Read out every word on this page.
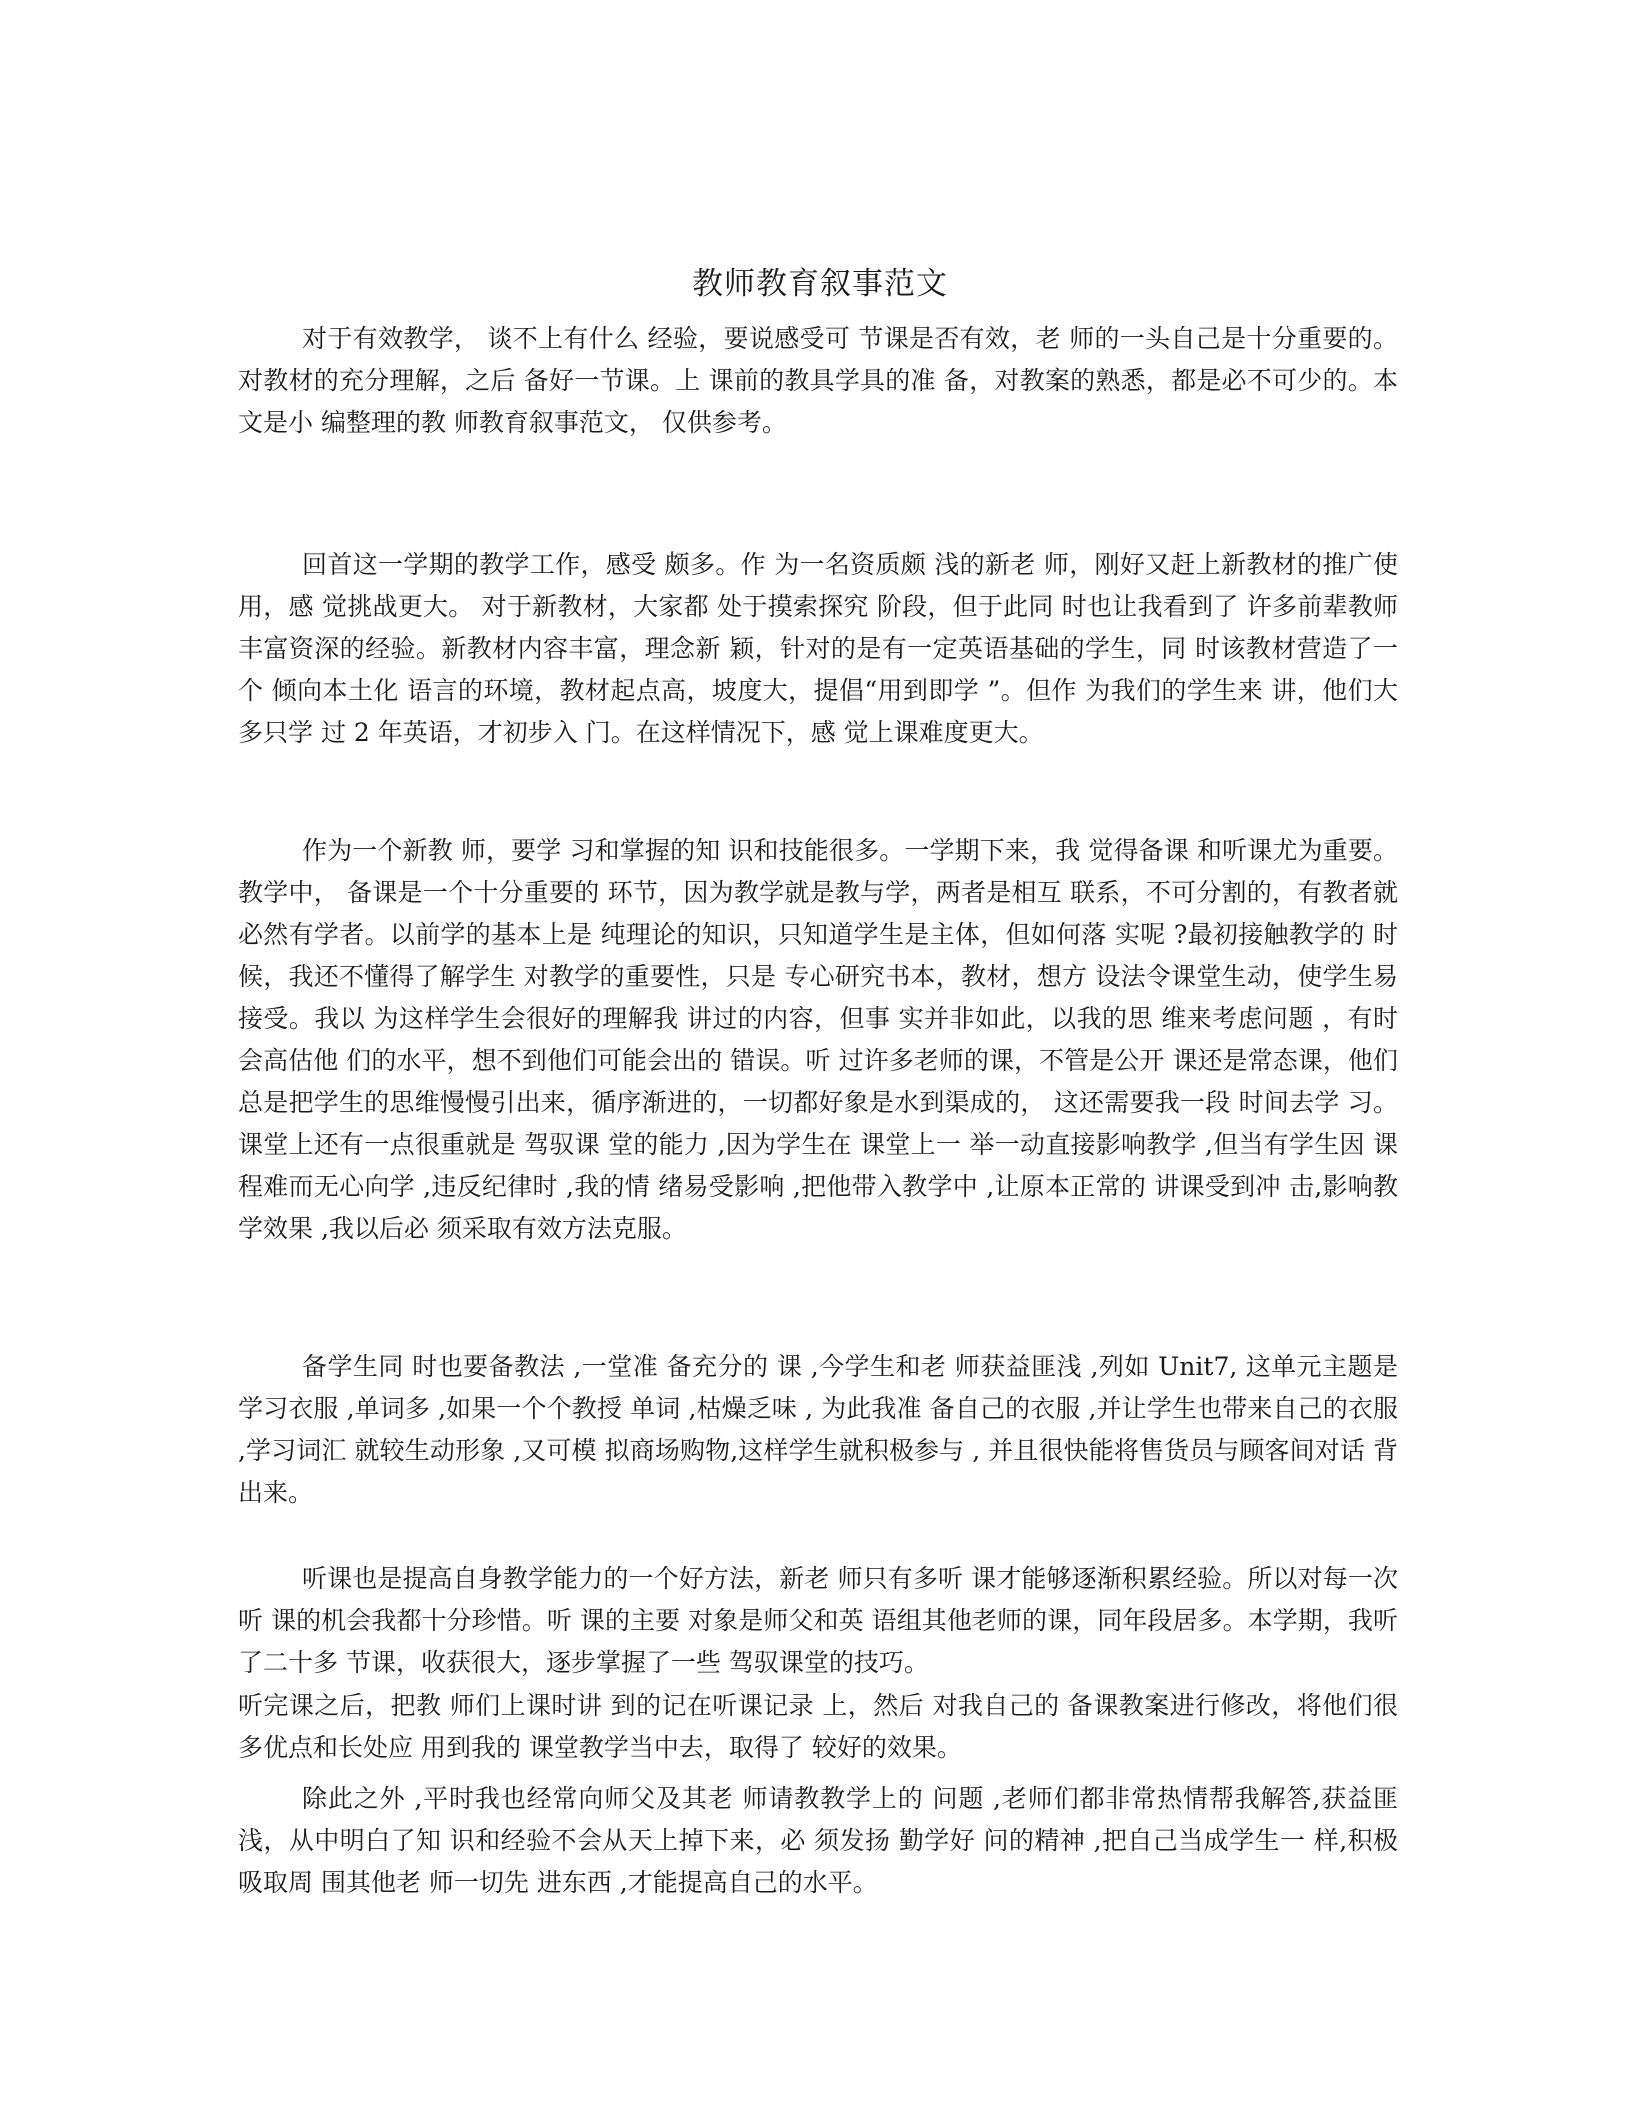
教师教育叙事范文

对于有效教学， 谈不上有什么 经验，要说感受可 节课是否有效，老 师的一头自己是十分重要的。 对教材的充分理解，之后 备好一节课。上 课前的教具学具的准 备，对教案的熟悉，都是必不可少的。本文是小 编整理的教 师教育叙事范文， 仅供参考。

回首这一学期的教学工作，感受 颇多。作 为一名资质颇 浅的新老 师，刚好又赶上新教材的推广使用，感 觉挑战更大。 对于新教材，大家都 处于摸索探究 阶段，但于此同 时也让我看到了 许多前辈教师丰富资深的经验。新教材内容丰富，理念新 颖，针对的是有一定英语基础的学生，同 时该教材营造了一个 倾向本土化 语言的环境，教材起点高，坡度大，提倡“用到即学 ”。但作 为我们的学生来 讲，他们大多只学 过 2 年英语，才初步入 门。在这样情况下，感 觉上课难度更大。

作为一个新教 师，要学 习和掌握的知 识和技能很多。一学期下来，我 觉得备课 和听课尤为重要。教学中， 备课是一个十分重要的 环节，因为教学就是教与学，两者是相互 联系，不可分割的，有教者就必然有学者。以前学的基本上是 纯理论的知识，只知道学生是主体，但如何落 实呢 ?最初接触教学的 时候，我还不懂得了解学生 对教学的重要性，只是 专心研究书本，教材，想方 设法令课堂生动，使学生易接受。我以 为这样学生会很好的理解我 讲过的内容，但事 实并非如此，以我的思 维来考虑问题 ，有时会高估他 们的水平，想不到他们可能会出的 错误。听 过许多老师的课，不管是公开 课还是常态课，他们总是把学生的思维慢慢引出来，循序渐进的，一切都好象是水到渠成的， 这还需要我一段 时间去学 习。课堂上还有一点很重就是 驾驭课 堂的能力 ,因为学生在 课堂上一 举一动直接影响教学 ,但当有学生因 课程难而无心向学 ,违反纪律时 ,我的情 绪易受影响 ,把他带入教学中 ,让原本正常的 讲课受到冲 击,影响教学效果 ,我以后必 须采取有效方法克服。

备学生同 时也要备教法 ,一堂准 备充分的 课 ,今学生和老 师获益匪浅 ,列如 Unit7, 这单元主题是学习衣服 ,单词多 ,如果一个个教授 单词 ,枯燥乏味 , 为此我准 备自己的衣服 ,并让学生也带来自己的衣服 ,学习词汇 就较生动形象 ,又可模 拟商场购物,这样学生就积极参与 , 并且很快能将售货员与顾客间对话 背出来。

听课也是提高自身教学能力的一个好方法，新老 师只有多听 课才能够逐渐积累经验。所以对每一次听 课的机会我都十分珍惜。听 课的主要 对象是师父和英 语组其他老师的课，同年段居多。本学期，我听了二十多 节课，收获很大，逐步掌握了一些 驾驭课堂的技巧。

听完课之后，把教 师们上课时讲 到的记在听课记录 上，然后 对我自己的 备课教案进行修改，将他们很多优点和长处应 用到我的 课堂教学当中去，取得了 较好的效果。

除此之外 ,平时我也经常向师父及其老 师请教教学上的 问题 ,老师们都非常热情帮我解答,获益匪浅，从中明白了知 识和经验不会从天上掉下来，必 须发扬 勤学好 问的精神 ,把自己当成学生一 样,积极吸取周 围其他老 师一切先 进东西 ,才能提高自己的水平。
